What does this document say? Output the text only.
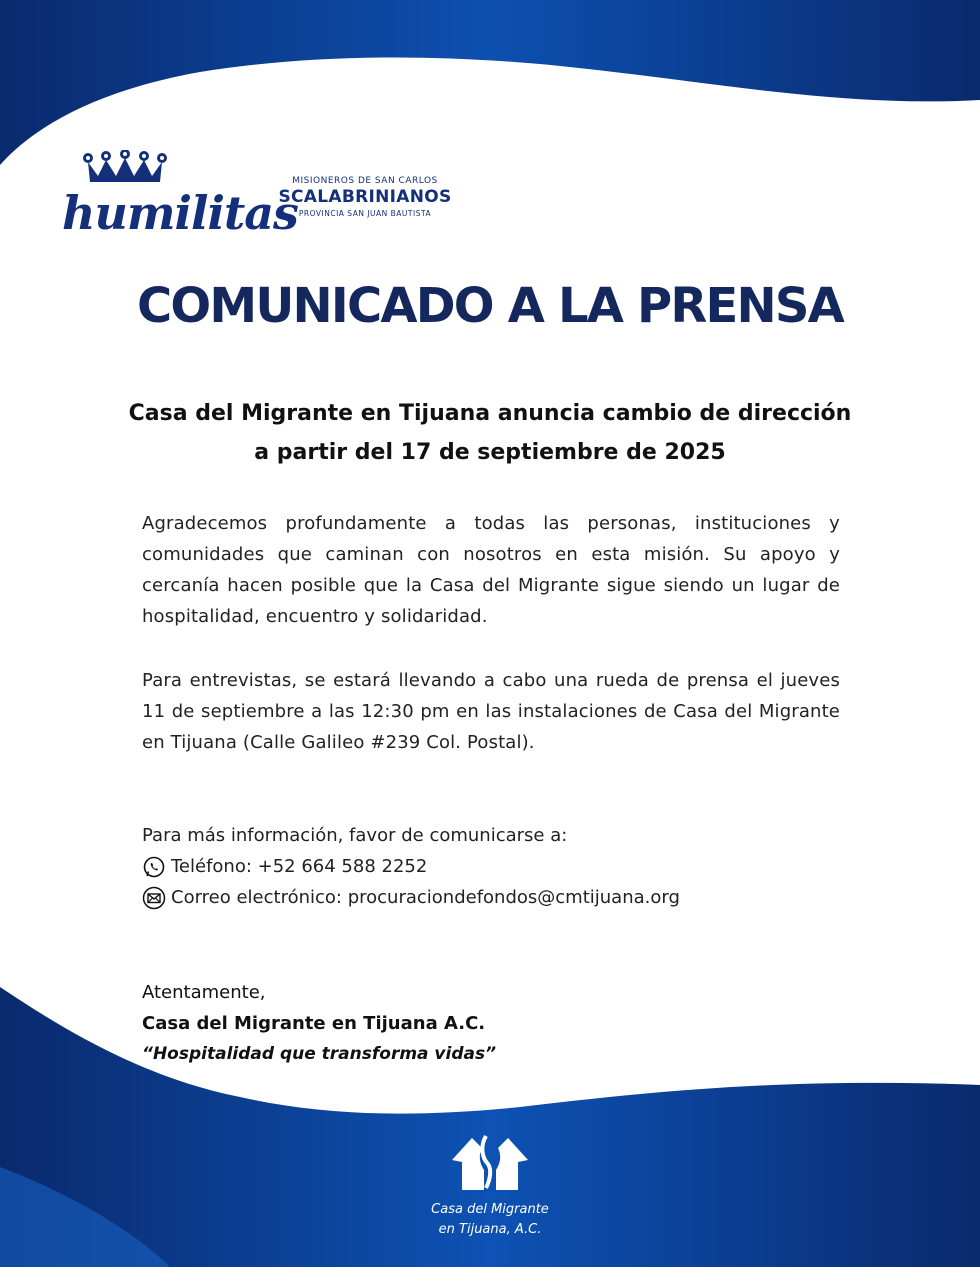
humilitas
MISIONEROS DE SAN CARLOS
SCALABRINIANOS
PROVINCIA SAN JUAN BAUTISTA
COMUNICADO A LA PRENSA
Casa del Migrante en Tijuana anuncia cambio de dirección a partir del 17 de septiembre de 2025
Agradecemos profundamente a todas las personas, instituciones y comunidades que caminan con nosotros en esta misión. Su apoyo y cercanía hacen posible que la Casa del Migrante sigue siendo un lugar de hospitalidad, encuentro y solidaridad.
Para entrevistas, se estará llevando a cabo una rueda de prensa el jueves 11 de septiembre a las 12:30 pm en las instalaciones de Casa del Migrante en Tijuana (Calle Galileo #239 Col. Postal).
Para más información, favor de comunicarse a:
Teléfono: +52 664 588 2252
Correo electrónico: procuraciondefondos@cmtijuana.org
Atentamente,
Casa del Migrante en Tijuana A.C.
“Hospitalidad que transforma vidas”
Casa del Migrante
en Tijuana, A.C.
